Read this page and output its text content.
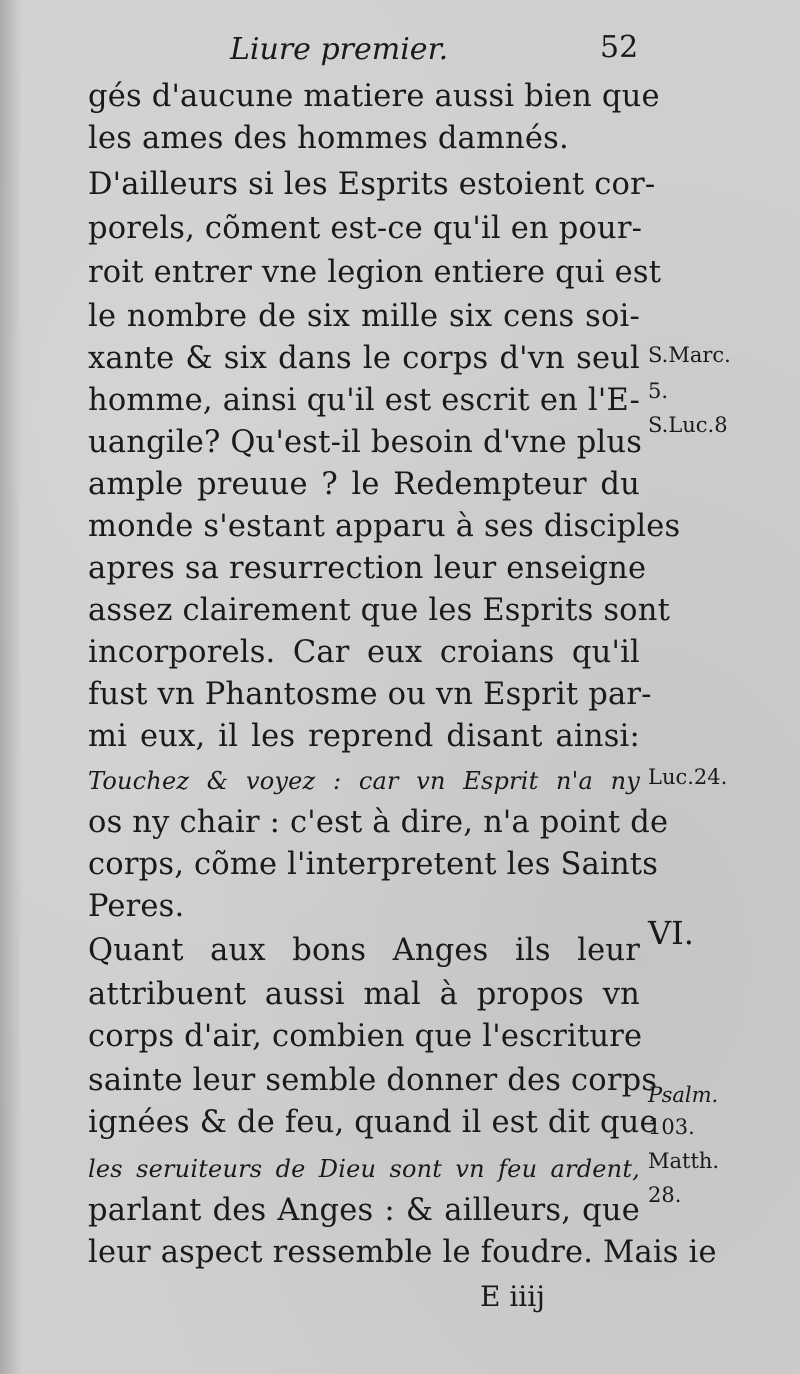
Liure premier.	52
gés d'aucune matiere aussi bien que
les ames des hommes damnés.
D'ailleurs si les Esprits estoient cor-
porels, cõment est-ce qu'il en pour-
roit entrer vne legion entiere qui est
le nombre de six mille six cens soi-
xante & six dans le corps d'vn seul
homme, ainsi qu'il est escrit en l'E-
uangile? Qu'est-il besoin d'vne plus
ample preuue ? le Redempteur du
monde s'estant apparu à ses disciples
apres sa resurrection leur enseigne
assez clairement que les Esprits sont
incorporels. Car eux croians qu'il
fust vn Phantosme ou vn Esprit par-
mi eux, il les reprend disant ainsi:
Touchez & voyez : car vn Esprit n'a ny
os ny chair : c'est à dire, n'a point de
corps, cõme l'interpretent les Saints
Peres.
Quant aux bons Anges ils leur
attribuent aussi mal à propos vn
corps d'air, combien que l'escriture
sainte leur semble donner des corps
ignées & de feu, quand il est dit que
les seruiteurs de Dieu sont vn feu ardent,
parlant des Anges : & ailleurs, que
leur aspect ressemble le foudre. Mais ie
S.Marc.
5.
S.Luc.8
Luc.24.
VI.
Psalm.
103.
Matth.
28.
E iiij
